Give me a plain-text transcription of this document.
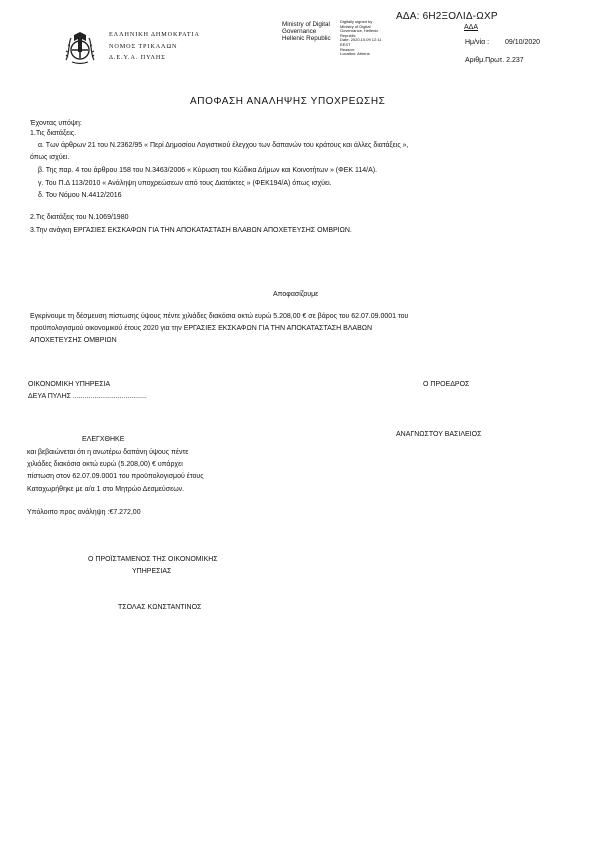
ΕΛΛΗΝΙΚΗ ΔΗΜΟΚΡΑΤΙΑ
ΝΟΜΟΣ ΤΡΙΚΑΛΩΝ
Δ.Ε.Υ.Α. ΠΥΛΗΣ
Ministry of Digital
Governance
Hellenic Republic
Digitally signed by
Ministry of Digital
Governance, Hellenic
Republic
Date: 2020.10.09 12:11
EEST
Reason:
Location: Athens
ΑΔΑ: 6Η2ΞΟΛΙΔ-ΩΧΡ
ΑΔΑ
Ημ/νία : 09/10/2020
Αριθμ.Πρωτ. 2.237
ΑΠΟΦΑΣΗ ΑΝΑΛΗΨΗΣ ΥΠΟΧΡΕΩΣΗΣ
Έχοντας υπόψη:
1.Τις διατάξεις.
α. Των άρθρων 21 του Ν.2362/95 « Περί Δημοσίου Λογιστικού έλεγχου των δαπανών του κράτους και άλλες διατάξεις »,
όπως ισχύει.
β. Της παρ. 4 του άρθρου 158 του Ν.3463/2006 « Κύρωση του Κώδικα Δήμων και Κοινοτήτων » (ΦΕΚ 114/Α).
γ. Του Π.Δ 113/2010 « Ανάληψη υποχρεώσεων από τους Διατάκτες » (ΦΕΚ194/Α) όπως ισχύει.
δ. Του Νόμου Ν.4412/2016
2.Τις διατάξεις του Ν.1069/1980
3.Την ανάγκη ΕΡΓΑΣΙΕΣ ΕΚΣΚΑΦΩΝ ΓΙΑ ΤΗΝ ΑΠΟΚΑΤΑΣΤΑΣΗ ΒΛΑΒΩΝ ΑΠΟΧΕΤΕΥΣΗΣ ΟΜΒΡΙΩΝ.
Αποφασίζουμε
Εγκρίνουμε τη δέσμευση πίστωσης ύψους πέντε χιλιάδες διακόσια οκτώ ευρώ 5.208,00 € σε βάρος του 62.07.09.0001 του
προϋπολογισμού οικονομικού έτους 2020 για την ΕΡΓΑΣΙΕΣ ΕΚΣΚΑΦΩΝ ΓΙΑ ΤΗΝ ΑΠΟΚΑΤΑΣΤΑΣΗ ΒΛΑΒΩΝ
ΑΠΟΧΕΤΕΥΣΗΣ ΟΜΒΡΙΩΝ
ΟΙΚΟΝΟΜΙΚΗ ΥΠΗΡΕΣΙΑ
ΔΕΥΑ ΠΥΛΗΣ ......................................
Ο ΠΡΟΕΔΡΟΣ
ΑΝΑΓΝΩΣΤΟΥ ΒΑΣΙΛΕΙΟΣ
ΕΛΕΓΧΘΗΚΕ
και βεβαιώνεται ότι η ανωτέρω δαπάνη ύψους πέντε
χιλιάδες διακόσια οκτώ ευρώ (5.208,00) € υπάρχει
πίστωση στον 62.07.09.0001 του προϋπολογισμού έτους
Καταχωρήθηκε με α/α 1 στο Μητρώο Δεσμεύσεων.
Υπόλοιπο προς ανάληψη :€7.272,00
Ο ΠΡΟΪΣΤΑΜΕΝΟΣ ΤΗΣ ΟΙΚΟΝΟΜΙΚΗΣ
ΥΠΗΡΕΣΙΑΣ
ΤΣΟΛΑΣ ΚΩΝΣΤΑΝΤΙΝΟΣ
